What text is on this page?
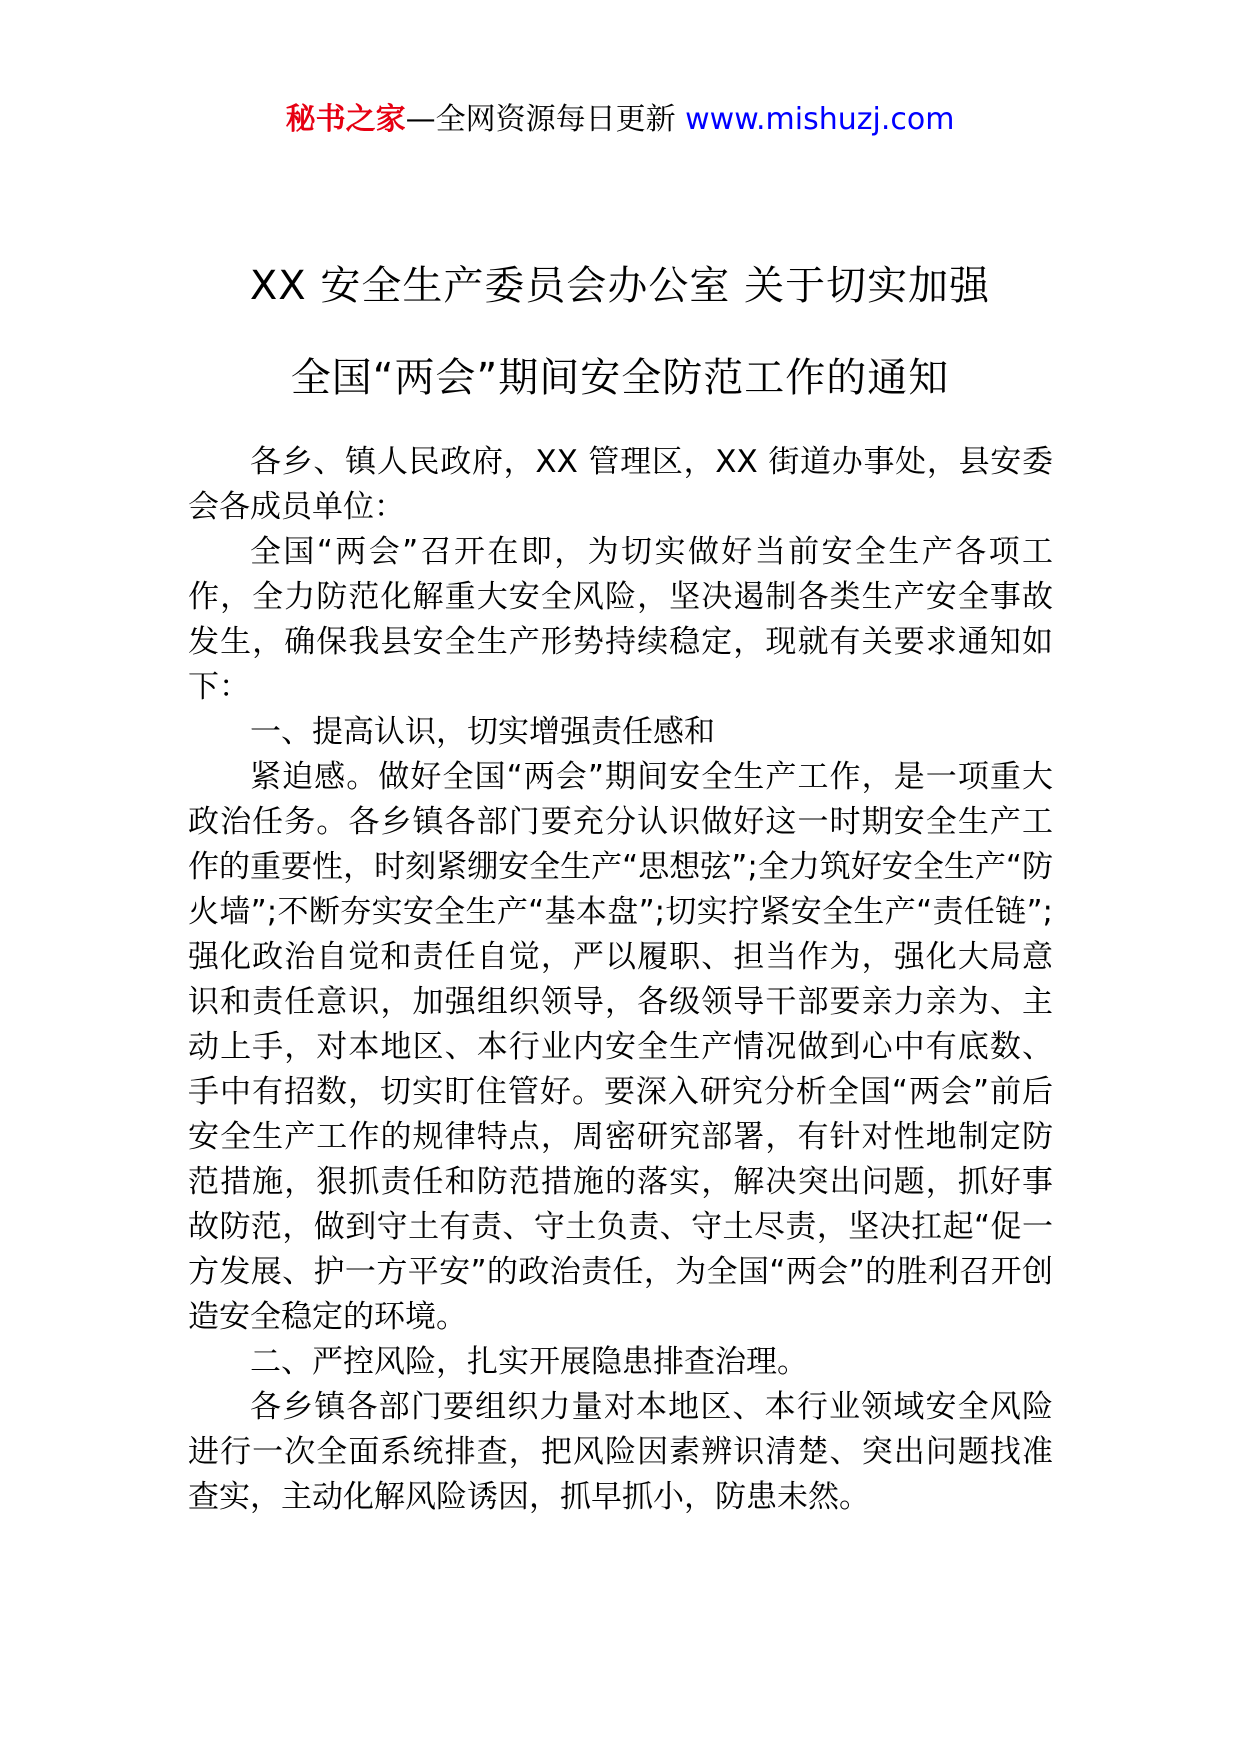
秘书之家—全网资源每日更新 www.mishuzj.com
XX 安全生产委员会办公室 关于切实加强
全国“两会”期间安全防范工作的通知

各乡、镇人民政府，XX 管理区，XX 街道办事处，县安委会各成员单位：

全国“两会”召开在即，为切实做好当前安全生产各项工作，全力防范化解重大安全风险，坚决遏制各类生产安全事故发生，确保我县安全生产形势持续稳定，现就有关要求通知如下：

一、提高认识，切实增强责任感和

紧迫感。做好全国“两会”期间安全生产工作，是一项重大政治任务。各乡镇各部门要充分认识做好这一时期安全生产工作的重要性，时刻紧绷安全生产“思想弦”;全力筑好安全生产“防火墙”;不断夯实安全生产“基本盘”;切实拧紧安全生产“责任链”;强化政治自觉和责任自觉，严以履职、担当作为，强化大局意识和责任意识，加强组织领导，各级领导干部要亲力亲为、主动上手，对本地区、本行业内安全生产情况做到心中有底数、手中有招数，切实盯住管好。要深入研究分析全国“两会”前后安全生产工作的规律特点，周密研究部署，有针对性地制定防范措施，狠抓责任和防范措施的落实，解决突出问题，抓好事故防范，做到守土有责、守土负责、守土尽责，坚决扛起“促一方发展、护一方平安”的政治责任，为全国“两会”的胜利召开创造安全稳定的环境。

二、严控风险，扎实开展隐患排查治理。

各乡镇各部门要组织力量对本地区、本行业领域安全风险进行一次全面系统排查，把风险因素辨识清楚、突出问题找准查实，主动化解风险诱因，抓早抓小，防患未然。
